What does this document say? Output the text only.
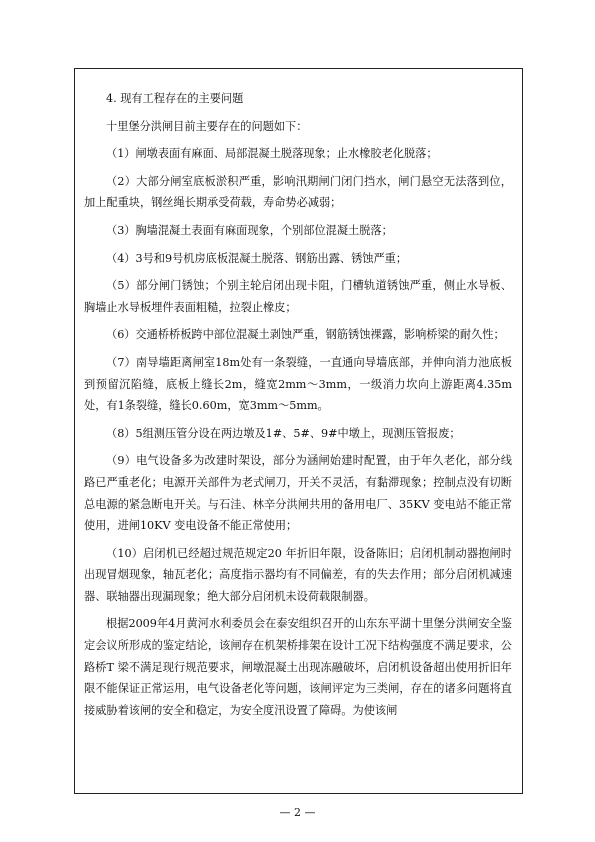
4. 现有工程存在的主要问题

十里堡分洪闸目前主要存在的问题如下：

（1）闸墩表面有麻面、局部混凝土脱落现象；止水橡胶老化脱落；

（2）大部分闸室底板淤积严重，影响汛期闸门闭门挡水，闸门悬空无法落到位，加上配重块，钢丝绳长期承受荷载，寿命势必减弱；

（3）胸墙混凝土表面有麻面现象，个别部位混凝土脱落；

（4）3号和9号机房底板混凝土脱落、钢筋出露、锈蚀严重；

（5）部分闸门锈蚀；个别主轮启闭出现卡阻，门槽轨道锈蚀严重，侧止水导板、胸墙止水导板埋件表面粗糙，拉裂止橡皮；

（6）交通桥桥板跨中部位混凝土剥蚀严重，钢筋锈蚀裸露，影响桥梁的耐久性；

（7）南导墙距离闸室18m处有一条裂缝，一直通向导墙底部，并伸向消力池底板到预留沉陷缝，底板上缝长2m，缝宽2mm～3mm，一级消力坎向上游距离4.35m处，有1条裂缝，缝长0.60m，宽3mm～5mm。

（8）5组测压管分设在两边墩及1#、5#、9#中墩上，现测压管报废；

（9）电气设备多为改建时架设，部分为涵闸始建时配置，由于年久老化，部分线路已严重老化；电源开关部件为老式闸刀，开关不灵活，有黏滞现象；控制点没有切断总电源的紧急断电开关。与石洼、林辛分洪闸共用的备用电厂、35KV 变电站不能正常使用，进闸10KV 变电设备不能正常使用；

（10）启闭机已经超过规范规定20 年折旧年限，设备陈旧；启闭机制动器抱闸时出现冒烟现象，轴瓦老化；高度指示器均有不同偏差，有的失去作用；部分启闭机减速器、联轴器出现漏现象；绝大部分启闭机未设荷载限制器。

根据2009年4月黄河水利委员会在泰安组织召开的山东东平湖十里堡分洪闸安全鉴定会议所形成的鉴定结论，该闸存在机架桥排架在设计工况下结构强度不满足要求，公路桥T 梁不满足现行规范要求，闸墩混凝土出现冻融破坏，启闭机设备超出使用折旧年限不能保证正常运用，电气设备老化等问题，该闸评定为三类闸，存在的诸多问题将直接威胁着该闸的安全和稳定，为安全度汛设置了障碍。为使该闸

— 2 —
